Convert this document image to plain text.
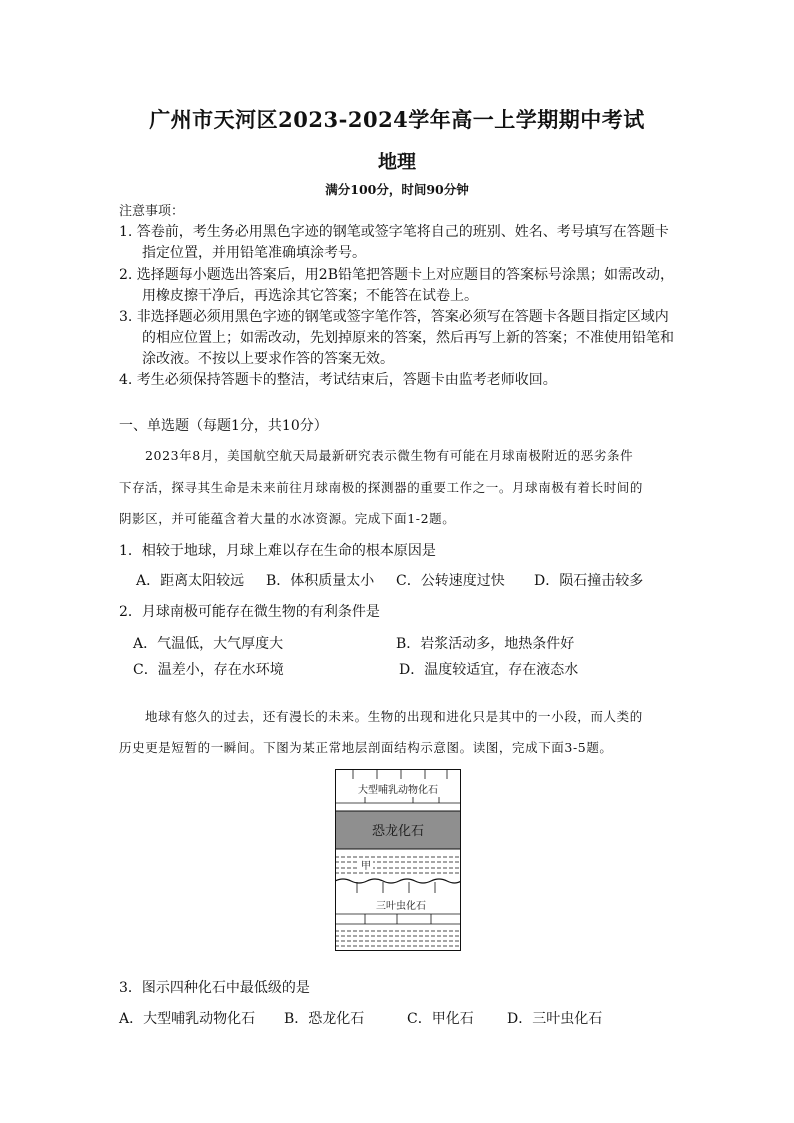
广州市天河区2023-2024学年高一上学期期中考试
地理
满分100分，时间90分钟
注意事项：
1. 答卷前，考生务必用黑色字迹的钢笔或签字笔将自己的班别、姓名、考号填写在答题卡
指定位置，并用铅笔准确填涂考号。
2. 选择题每小题选出答案后，用2B铅笔把答题卡上对应题目的答案标号涂黑；如需改动，
用橡皮擦干净后，再选涂其它答案；不能答在试卷上。
3. 非选择题必须用黑色字迹的钢笔或签字笔作答，答案必须写在答题卡各题目指定区域内
的相应位置上；如需改动，先划掉原来的答案，然后再写上新的答案；不准使用铅笔和
涂改液。不按以上要求作答的答案无效。
4. 考生必须保持答题卡的整洁，考试结束后，答题卡由监考老师收回。
一、单选题（每题1分，共10分）
2023年8月，美国航空航天局最新研究表示微生物有可能在月球南极附近的恶劣条件
下存活，探寻其生命是未来前往月球南极的探测器的重要工作之一。月球南极有着长时间的
阴影区，并可能蕴含着大量的水冰资源。完成下面1-2题。
1．相较于地球，月球上难以存在生命的根本原因是
A．距离太阳较远 B．体积质量太小 C．公转速度过快 D．陨石撞击较多
2．月球南极可能存在微生物的有利条件是
A．气温低，大气厚度大	B．岩浆活动多，地热条件好
C．温差小，存在水环境	D．温度较适宜，存在液态水
地球有悠久的过去，还有漫长的未来。生物的出现和进化只是其中的一小段，而人类的
历史更是短暂的一瞬间。下图为某正常地层剖面结构示意图。读图，完成下面3-5题。
大型哺乳动物化石
恐龙化石
甲
三叶虫化石
3．图示四种化石中最低级的是
A．大型哺乳动物化石 B．恐龙化石	C．甲化石 D．三叶虫化石
